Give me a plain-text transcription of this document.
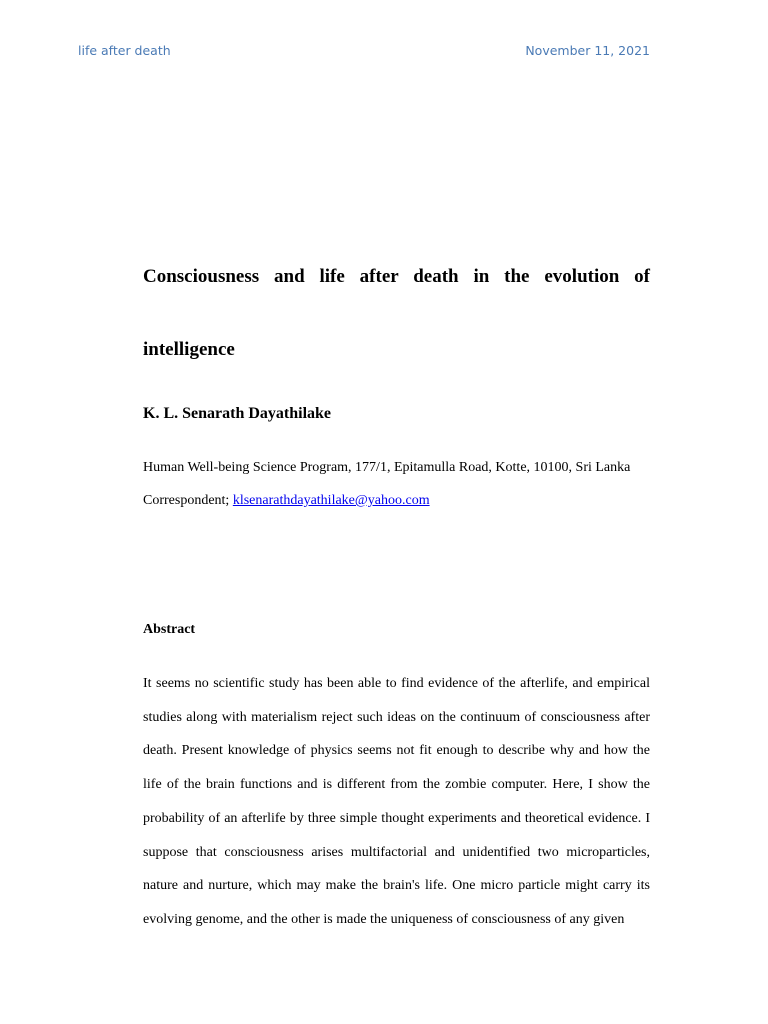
life after death	November 11, 2021
Consciousness and life after death in the evolution of intelligence

K. L. Senarath Dayathilake

Human Well-being Science Program, 177/1, Epitamulla Road, Kotte, 10100, Sri Lanka

Correspondent; klsenarathdayathilake@yahoo.com

Abstract

It seems no scientific study has been able to find evidence of the afterlife, and empirical studies along with materialism reject such ideas on the continuum of consciousness after death. Present knowledge of physics seems not fit enough to describe why and how the life of the brain functions and is different from the zombie computer. Here, I show the probability of an afterlife by three simple thought experiments and theoretical evidence. I suppose that consciousness arises multifactorial and unidentified two microparticles, nature and nurture, which may make the brain's life. One micro particle might carry its evolving genome, and the other is made the uniqueness of consciousness of any given
